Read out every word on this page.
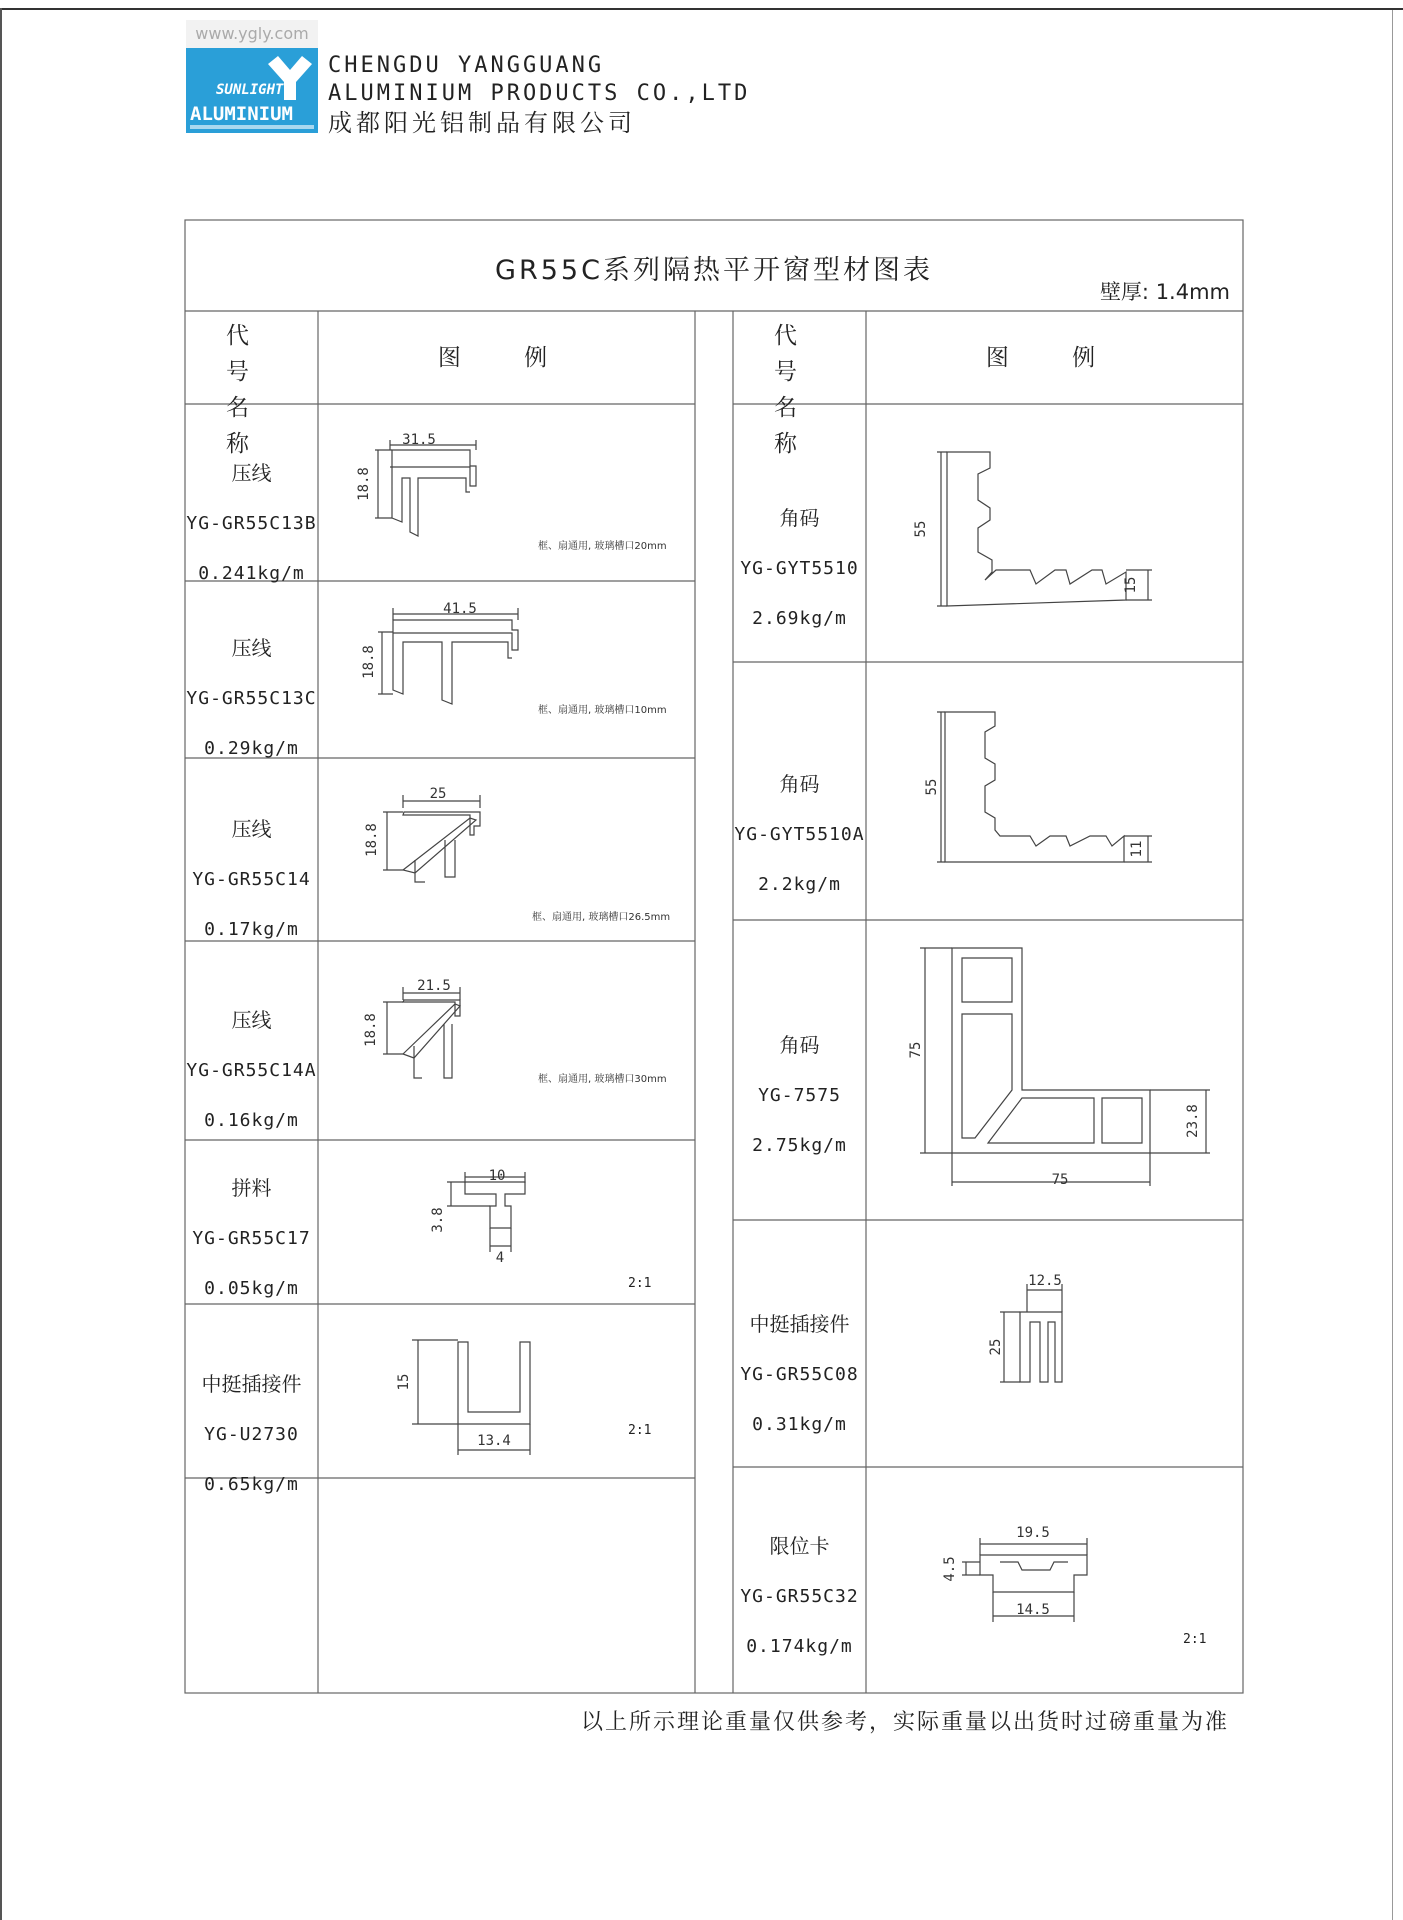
www.ygly.com
SUNLIGHT
ALUMINIUM
CHENGDU YANGGUANG
ALUMINIUM PRODUCTS CO.,LTD
成都阳光铝制品有限公司
31.5
18.8
41.5
18.8
25
18.8
21.5
18.8
10
3.8
4
15
13.4
55
15
55
11
75
23.8
75
12.5
25
19.5
4.5
14.5
GR55C系列隔热平开窗型材图表
壁厚: 1.4mm
代 号
名 称
图 例
代 号
名 称
图 例

压线

YG-GR55C13B

0.241kg/m

压线

YG-GR55C13C

0.29kg/m

压线

YG-GR55C14

0.17kg/m

压线

YG-GR55C14A

0.16kg/m

拼料

YG-GR55C17

0.05kg/m

中挺插接件

YG-U2730

0.65kg/m

角码

YG-GYT5510

2.69kg/m

角码

YG-GYT5510A

2.2kg/m

角码

YG-7575

2.75kg/m

中挺插接件

YG-GR55C08

0.31kg/m

限位卡

YG-GR55C32

0.174kg/m

框、扇通用, 玻璃槽口20mm
框、扇通用, 玻璃槽口10mm
框、扇通用, 玻璃槽口26.5mm
框、扇通用, 玻璃槽口30mm
2:1
2:1
2:1
以上所示理论重量仅供参考，实际重量以出货时过磅重量为准
